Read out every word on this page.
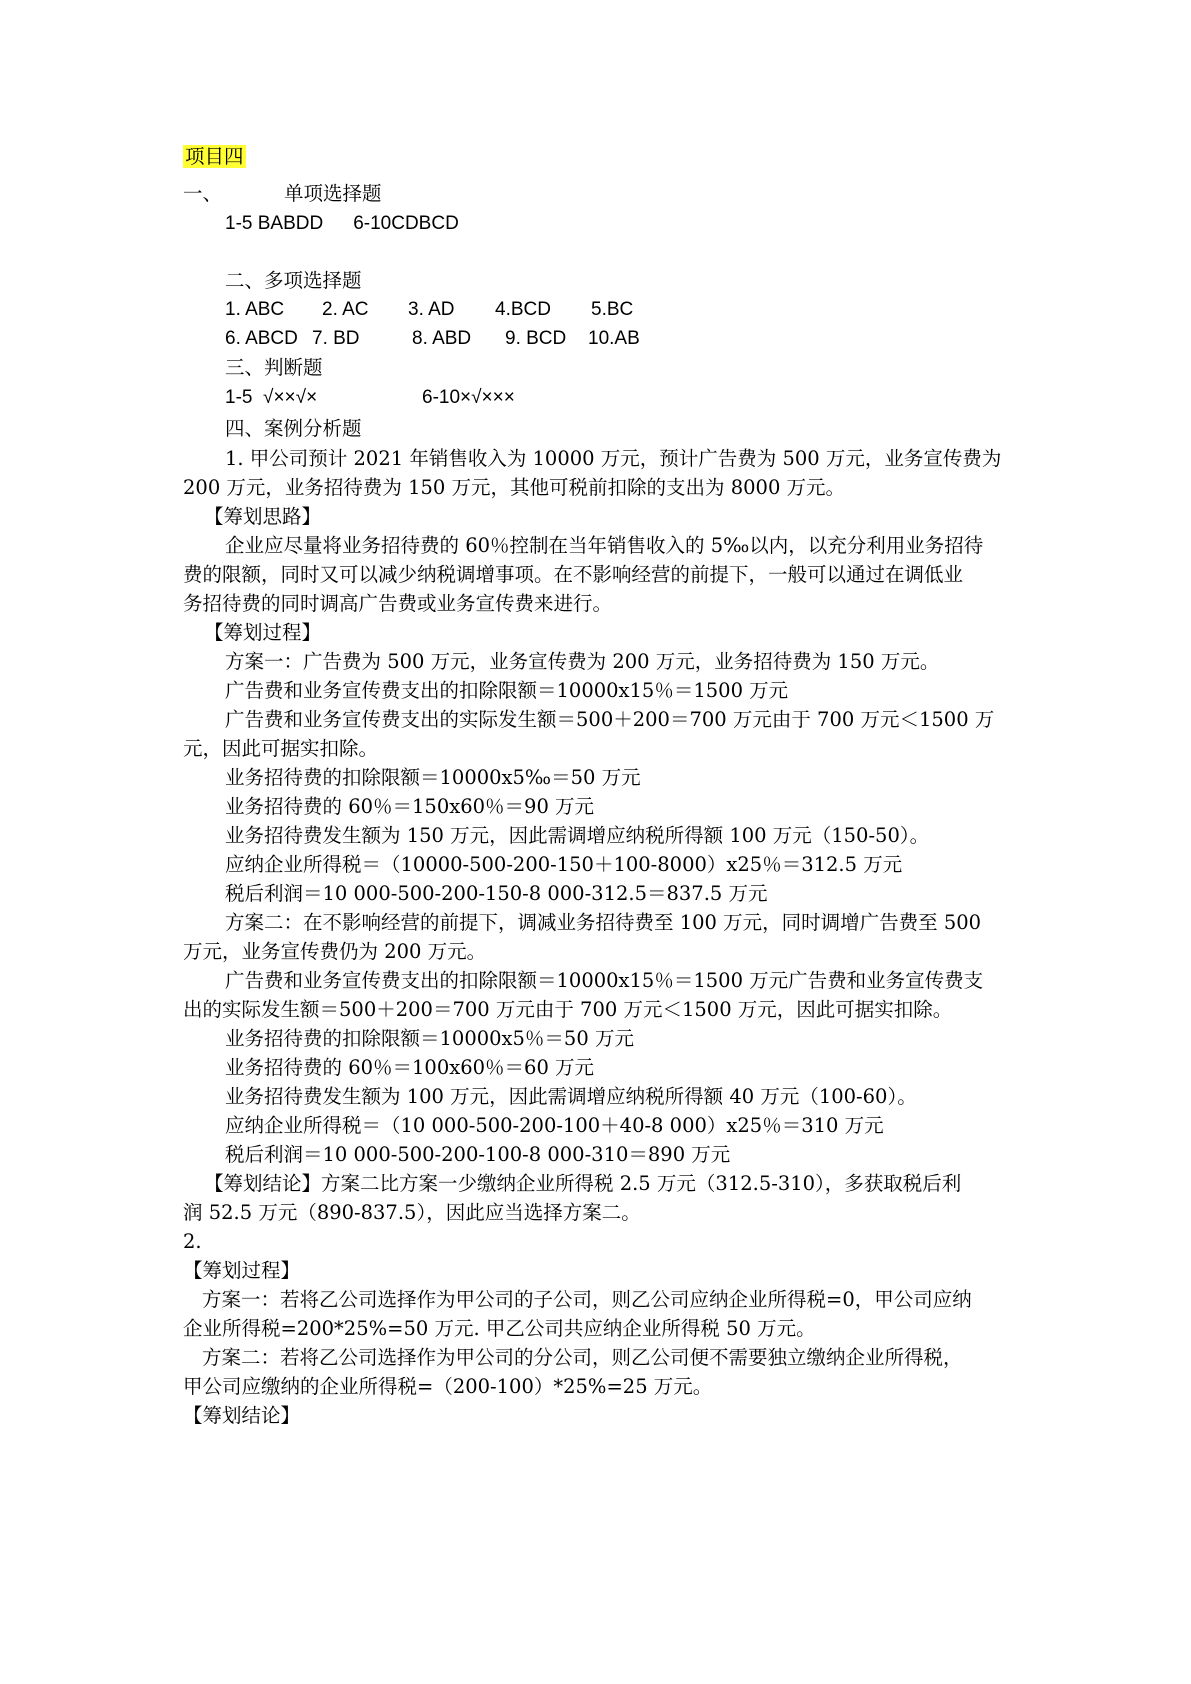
项目四

一、	单项选择题

1-5 BABDD 6-10CDBCD

二、多项选择题

1. ABC 2. AC 3. AD 4.BCD 5.BC

6. ABCD 7. BD	8. ABD 9. BCD 10.AB

三、判断题

1-5  √××√×	6-10×√×××

四、案例分析题

1. 甲公司预计 2021 年销售收入为 10000 万元，预计广告费为 500 万元，业务宣传费为

200 万元，业务招待费为 150 万元，其他可税前扣除的支出为 8000 万元。

【筹划思路】

企业应尽量将业务招待费的 60％控制在当年销售收入的 5‰以内，以充分利用业务招待

费的限额，同时又可以减少纳税调增事项。在不影响经营的前提下，一般可以通过在调低业

务招待费的同时调高广告费或业务宣传费来进行。

【筹划过程】

方案一：广告费为 500 万元，业务宣传费为 200 万元，业务招待费为 150 万元。

广告费和业务宣传费支出的扣除限额＝10000x15％＝1500 万元

广告费和业务宣传费支出的实际发生额＝500＋200＝700 万元由于 700 万元＜1500 万

元，因此可据实扣除。

业务招待费的扣除限额＝10000x5‰＝50 万元

业务招待费的 60％＝150x60％＝90 万元

业务招待费发生额为 150 万元，因此需调增应纳税所得额 100 万元（150-50）。

应纳企业所得税＝（10000-500-200-150＋100-8000）x25％＝312.5 万元

税后利润＝10 000-500-200-150-8 000-312.5＝837.5 万元

方案二：在不影响经营的前提下，调减业务招待费至 100 万元，同时调增广告费至 500

万元，业务宣传费仍为 200 万元。

广告费和业务宣传费支出的扣除限额＝10000x15％＝1500 万元广告费和业务宣传费支

出的实际发生额＝500＋200＝700 万元由于 700 万元＜1500 万元，因此可据实扣除。

业务招待费的扣除限额＝10000x5％＝50 万元

业务招待费的 60％＝100x60％＝60 万元

业务招待费发生额为 100 万元，因此需调增应纳税所得额 40 万元（100-60）。

应纳企业所得税＝（10 000-500-200-100＋40-8 000）x25％＝310 万元

税后利润＝10 000-500-200-100-8 000-310＝890 万元

【筹划结论】方案二比方案一少缴纳企业所得税 2.5 万元（312.5-310），多获取税后利

润 52.5 万元（890-837.5），因此应当选择方案二。

2.

【筹划过程】

方案一：若将乙公司选择作为甲公司的子公司，则乙公司应纳企业所得税=0，甲公司应纳

企业所得税=200*25%=50 万元. 甲乙公司共应纳企业所得税 50 万元。

方案二：若将乙公司选择作为甲公司的分公司，则乙公司便不需要独立缴纳企业所得税，

甲公司应缴纳的企业所得税=（200-100）*25%=25 万元。

【筹划结论】
